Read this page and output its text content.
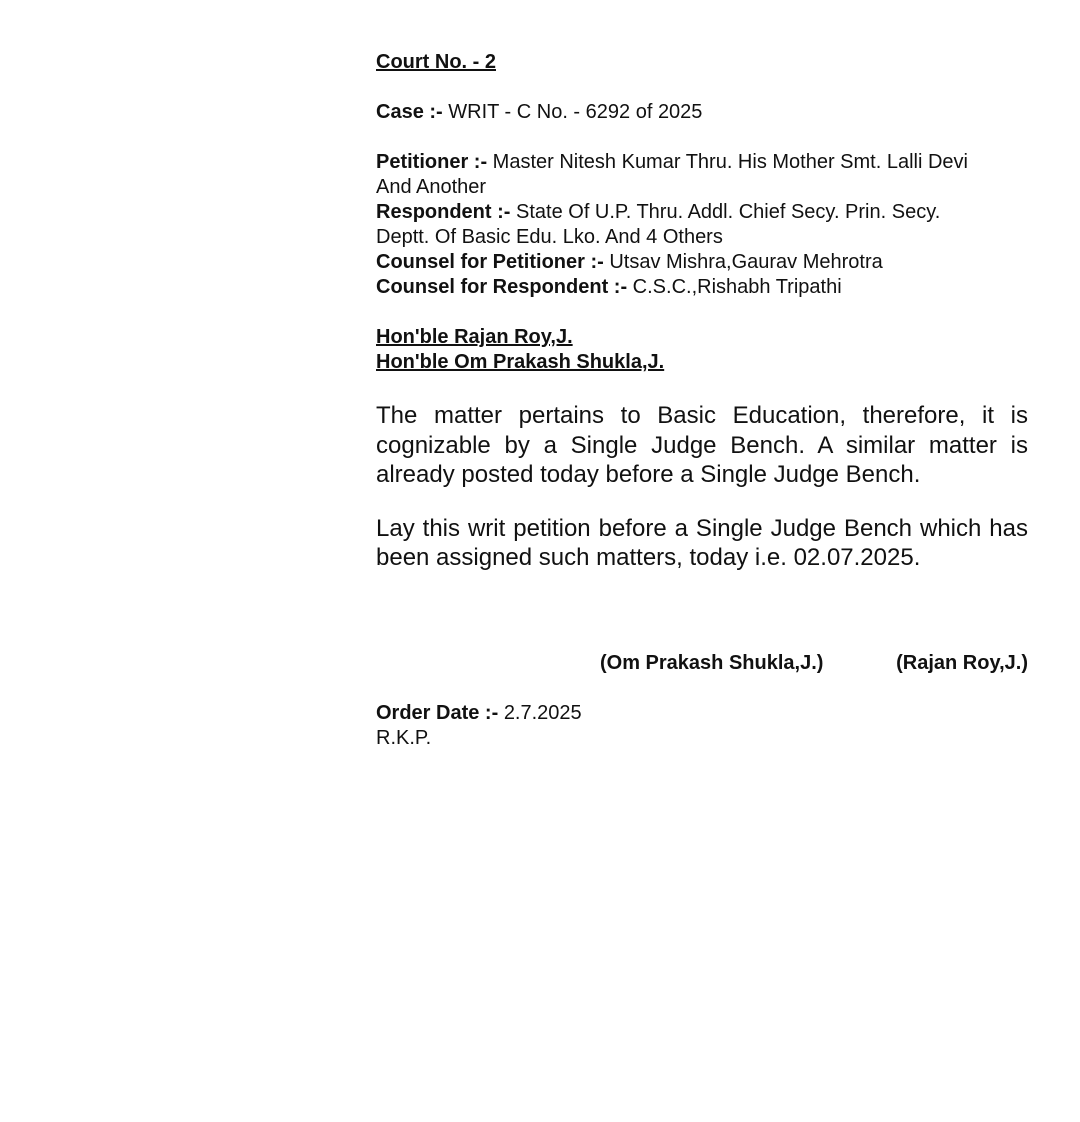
Court No. - 2
Case :- WRIT - C No. - 6292 of 2025
Petitioner :- Master Nitesh Kumar Thru. His Mother Smt. Lalli Devi
And Another
Respondent :- State Of U.P. Thru. Addl. Chief Secy. Prin. Secy.
Deptt. Of Basic Edu. Lko. And 4 Others
Counsel for Petitioner :- Utsav Mishra,Gaurav Mehrotra
Counsel for Respondent :- C.S.C.,Rishabh Tripathi
Hon'ble Rajan Roy,J.
Hon'ble Om Prakash Shukla,J.

The matter pertains to Basic Education, therefore, it is cognizable by a Single Judge Bench. A similar matter is already posted today before a Single Judge Bench.

Lay this writ petition before a Single Judge Bench which has been assigned such matters, today i.e. 02.07.2025.

(Om Prakash Shukla,J.)	(Rajan Roy,J.)
Order Date :- 2.7.2025
R.K.P.
